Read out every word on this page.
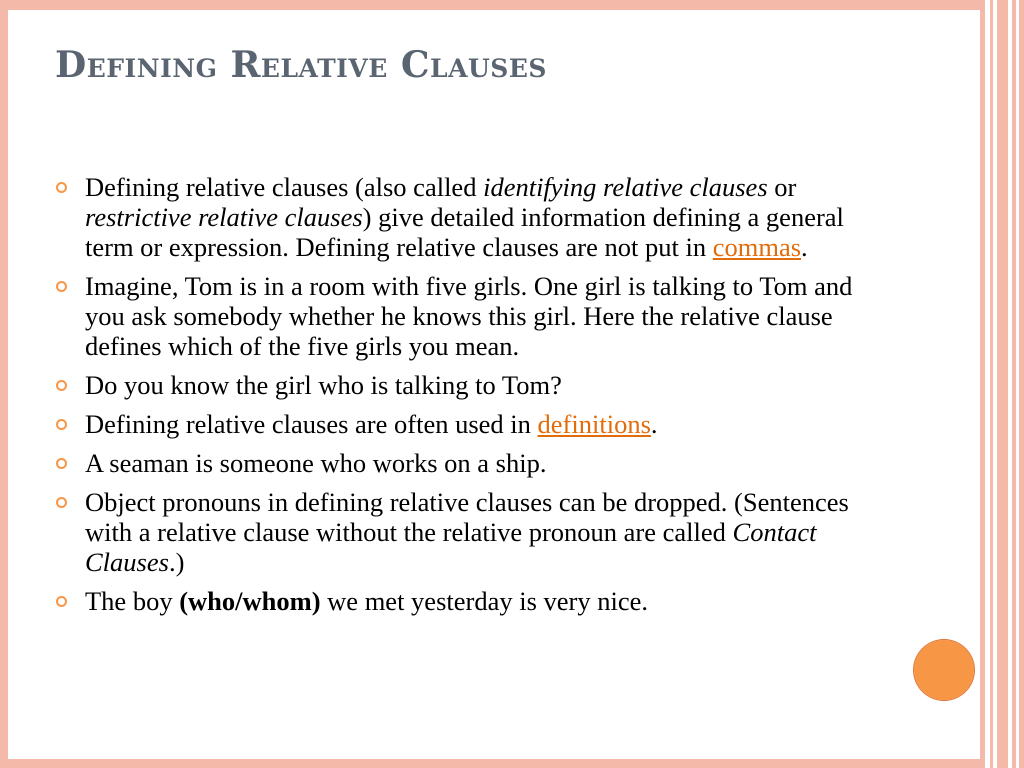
Defining Relative Clauses
Defining relative clauses (also called identifying relative clauses or restrictive relative clauses) give detailed information defining a general term or expression. Defining relative clauses are not put in commas.
Imagine, Tom is in a room with five girls. One girl is talking to Tom and you ask somebody whether he knows this girl. Here the relative clause defines which of the five girls you mean.
Do you know the girl who is talking to Tom?
Defining relative clauses are often used in definitions.
A seaman is someone who works on a ship.
Object pronouns in defining relative clauses can be dropped. (Sentences with a relative clause without the relative pronoun are called Contact Clauses.)
The boy (who/whom) we met yesterday is very nice.
